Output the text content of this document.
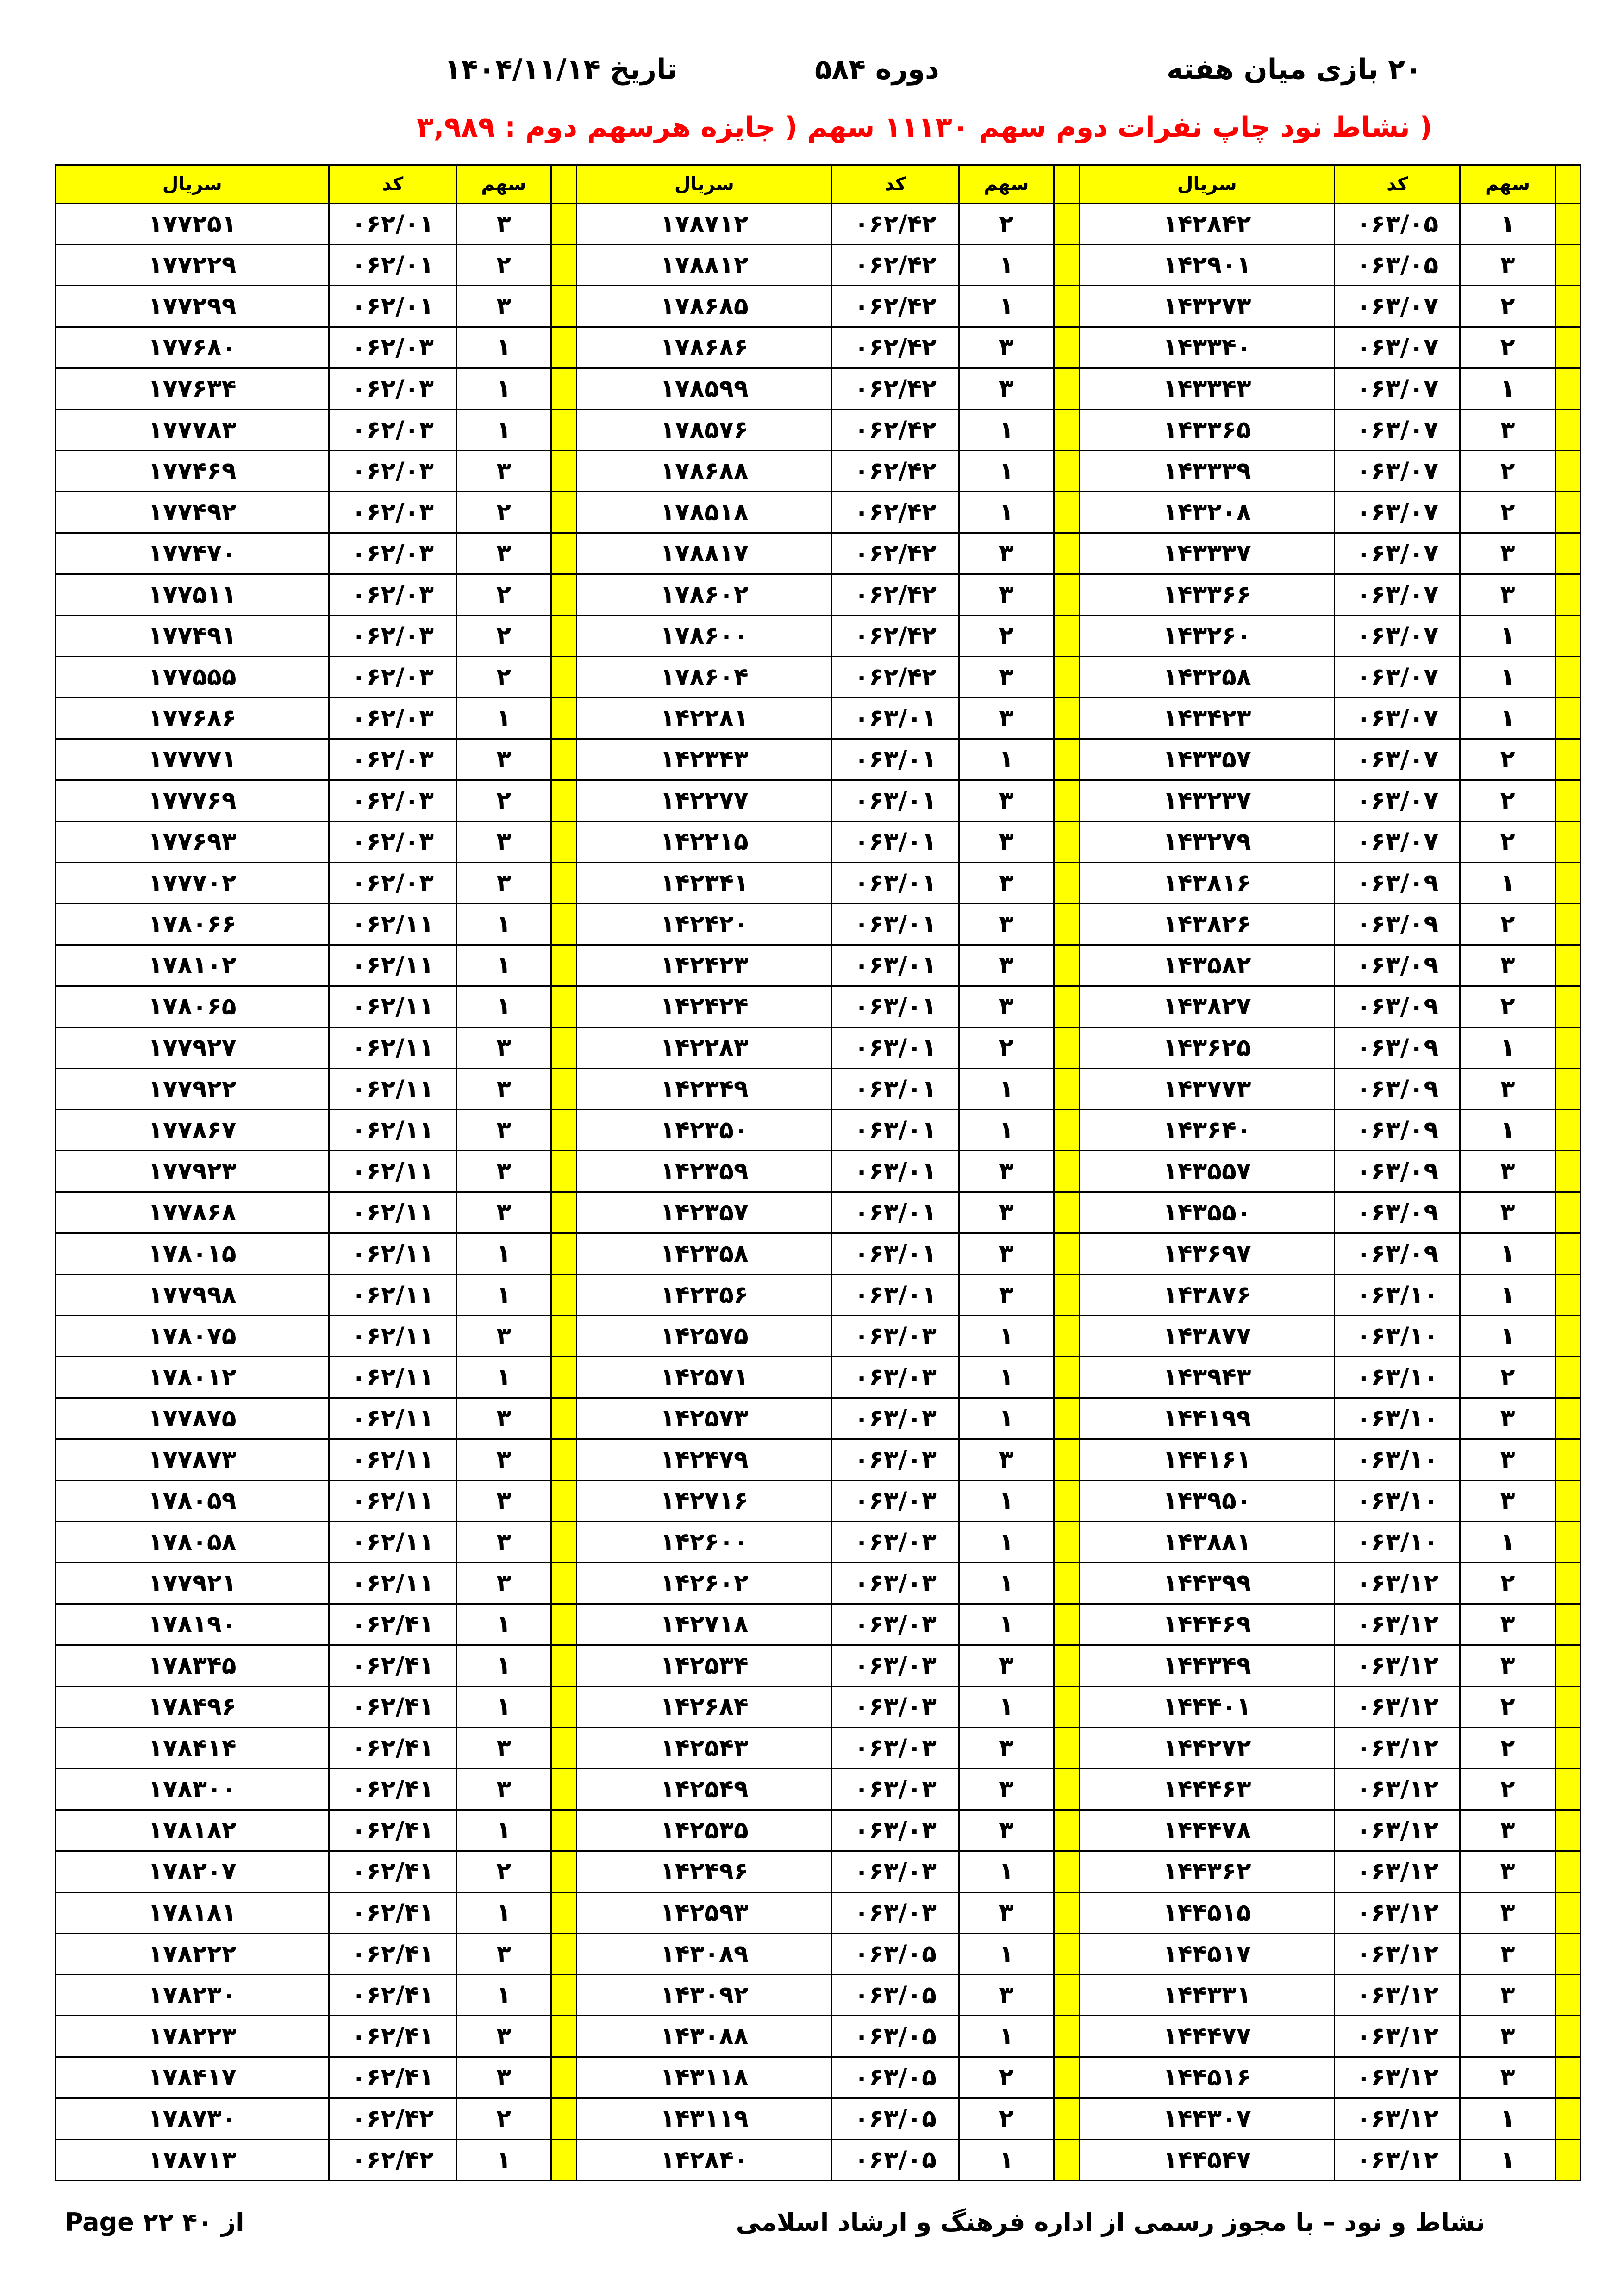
۲۰ بازی میان هفته
دوره ۵۸۴
تاریخ ۱۴۰۴/۱۱/۱۴
( نشاط نود چاپ نفرات دوم سهم ۱۱۱۳۰ سهم ( جایزه هرسهم دوم : ۳,۹۸۹
	سهم	کد	سریال		سهم	کد	سریال		سهم	کد	سریال
	۱	۰۶۳/۰۵	۱۴۲۸۴۲		۲	۰۶۲/۴۲	۱۷۸۷۱۲		۳	۰۶۲/۰۱	۱۷۷۲۵۱
	۳	۰۶۳/۰۵	۱۴۲۹۰۱		۱	۰۶۲/۴۲	۱۷۸۸۱۲		۲	۰۶۲/۰۱	۱۷۷۲۲۹
	۲	۰۶۳/۰۷	۱۴۳۲۷۳		۱	۰۶۲/۴۲	۱۷۸۶۸۵		۳	۰۶۲/۰۱	۱۷۷۲۹۹
	۲	۰۶۳/۰۷	۱۴۳۳۴۰		۳	۰۶۲/۴۲	۱۷۸۶۸۶		۱	۰۶۲/۰۳	۱۷۷۶۸۰
	۱	۰۶۳/۰۷	۱۴۳۳۴۳		۳	۰۶۲/۴۲	۱۷۸۵۹۹		۱	۰۶۲/۰۳	۱۷۷۶۳۴
	۳	۰۶۳/۰۷	۱۴۳۳۶۵		۱	۰۶۲/۴۲	۱۷۸۵۷۶		۱	۰۶۲/۰۳	۱۷۷۷۸۳
	۲	۰۶۳/۰۷	۱۴۳۳۳۹		۱	۰۶۲/۴۲	۱۷۸۶۸۸		۳	۰۶۲/۰۳	۱۷۷۴۶۹
	۲	۰۶۳/۰۷	۱۴۳۲۰۸		۱	۰۶۲/۴۲	۱۷۸۵۱۸		۲	۰۶۲/۰۳	۱۷۷۴۹۲
	۳	۰۶۳/۰۷	۱۴۳۳۳۷		۳	۰۶۲/۴۲	۱۷۸۸۱۷		۳	۰۶۲/۰۳	۱۷۷۴۷۰
	۳	۰۶۳/۰۷	۱۴۳۳۶۶		۳	۰۶۲/۴۲	۱۷۸۶۰۲		۲	۰۶۲/۰۳	۱۷۷۵۱۱
	۱	۰۶۳/۰۷	۱۴۳۲۶۰		۲	۰۶۲/۴۲	۱۷۸۶۰۰		۲	۰۶۲/۰۳	۱۷۷۴۹۱
	۱	۰۶۳/۰۷	۱۴۳۲۵۸		۳	۰۶۲/۴۲	۱۷۸۶۰۴		۲	۰۶۲/۰۳	۱۷۷۵۵۵
	۱	۰۶۳/۰۷	۱۴۳۴۲۳		۳	۰۶۳/۰۱	۱۴۲۲۸۱		۱	۰۶۲/۰۳	۱۷۷۶۸۶
	۲	۰۶۳/۰۷	۱۴۳۳۵۷		۱	۰۶۳/۰۱	۱۴۲۳۴۳		۳	۰۶۲/۰۳	۱۷۷۷۷۱
	۲	۰۶۳/۰۷	۱۴۳۲۳۷		۳	۰۶۳/۰۱	۱۴۲۲۷۷		۲	۰۶۲/۰۳	۱۷۷۷۶۹
	۲	۰۶۳/۰۷	۱۴۳۲۷۹		۳	۰۶۳/۰۱	۱۴۲۲۱۵		۳	۰۶۲/۰۳	۱۷۷۶۹۳
	۱	۰۶۳/۰۹	۱۴۳۸۱۶		۳	۰۶۳/۰۱	۱۴۲۳۴۱		۳	۰۶۲/۰۳	۱۷۷۷۰۲
	۲	۰۶۳/۰۹	۱۴۳۸۲۶		۳	۰۶۳/۰۱	۱۴۲۴۲۰		۱	۰۶۲/۱۱	۱۷۸۰۶۶
	۳	۰۶۳/۰۹	۱۴۳۵۸۲		۳	۰۶۳/۰۱	۱۴۲۴۲۳		۱	۰۶۲/۱۱	۱۷۸۱۰۲
	۲	۰۶۳/۰۹	۱۴۳۸۲۷		۳	۰۶۳/۰۱	۱۴۲۴۲۴		۱	۰۶۲/۱۱	۱۷۸۰۶۵
	۱	۰۶۳/۰۹	۱۴۳۶۲۵		۲	۰۶۳/۰۱	۱۴۲۲۸۳		۳	۰۶۲/۱۱	۱۷۷۹۲۷
	۳	۰۶۳/۰۹	۱۴۳۷۷۳		۱	۰۶۳/۰۱	۱۴۲۳۴۹		۳	۰۶۲/۱۱	۱۷۷۹۲۲
	۱	۰۶۳/۰۹	۱۴۳۶۴۰		۱	۰۶۳/۰۱	۱۴۲۳۵۰		۳	۰۶۲/۱۱	۱۷۷۸۶۷
	۳	۰۶۳/۰۹	۱۴۳۵۵۷		۳	۰۶۳/۰۱	۱۴۲۳۵۹		۳	۰۶۲/۱۱	۱۷۷۹۲۳
	۳	۰۶۳/۰۹	۱۴۳۵۵۰		۳	۰۶۳/۰۱	۱۴۲۳۵۷		۳	۰۶۲/۱۱	۱۷۷۸۶۸
	۱	۰۶۳/۰۹	۱۴۳۶۹۷		۳	۰۶۳/۰۱	۱۴۲۳۵۸		۱	۰۶۲/۱۱	۱۷۸۰۱۵
	۱	۰۶۳/۱۰	۱۴۳۸۷۶		۳	۰۶۳/۰۱	۱۴۲۳۵۶		۱	۰۶۲/۱۱	۱۷۷۹۹۸
	۱	۰۶۳/۱۰	۱۴۳۸۷۷		۱	۰۶۳/۰۳	۱۴۲۵۷۵		۳	۰۶۲/۱۱	۱۷۸۰۷۵
	۲	۰۶۳/۱۰	۱۴۳۹۴۳		۱	۰۶۳/۰۳	۱۴۲۵۷۱		۱	۰۶۲/۱۱	۱۷۸۰۱۲
	۳	۰۶۳/۱۰	۱۴۴۱۹۹		۱	۰۶۳/۰۳	۱۴۲۵۷۳		۳	۰۶۲/۱۱	۱۷۷۸۷۵
	۳	۰۶۳/۱۰	۱۴۴۱۶۱		۳	۰۶۳/۰۳	۱۴۲۴۷۹		۳	۰۶۲/۱۱	۱۷۷۸۷۳
	۳	۰۶۳/۱۰	۱۴۳۹۵۰		۱	۰۶۳/۰۳	۱۴۲۷۱۶		۳	۰۶۲/۱۱	۱۷۸۰۵۹
	۱	۰۶۳/۱۰	۱۴۳۸۸۱		۱	۰۶۳/۰۳	۱۴۲۶۰۰		۳	۰۶۲/۱۱	۱۷۸۰۵۸
	۲	۰۶۳/۱۲	۱۴۴۳۹۹		۱	۰۶۳/۰۳	۱۴۲۶۰۲		۳	۰۶۲/۱۱	۱۷۷۹۲۱
	۳	۰۶۳/۱۲	۱۴۴۴۶۹		۱	۰۶۳/۰۳	۱۴۲۷۱۸		۱	۰۶۲/۴۱	۱۷۸۱۹۰
	۳	۰۶۳/۱۲	۱۴۴۳۴۹		۳	۰۶۳/۰۳	۱۴۲۵۳۴		۱	۰۶۲/۴۱	۱۷۸۳۴۵
	۲	۰۶۳/۱۲	۱۴۴۴۰۱		۱	۰۶۳/۰۳	۱۴۲۶۸۴		۱	۰۶۲/۴۱	۱۷۸۴۹۶
	۲	۰۶۳/۱۲	۱۴۴۲۷۲		۳	۰۶۳/۰۳	۱۴۲۵۴۳		۳	۰۶۲/۴۱	۱۷۸۴۱۴
	۲	۰۶۳/۱۲	۱۴۴۴۶۳		۳	۰۶۳/۰۳	۱۴۲۵۴۹		۳	۰۶۲/۴۱	۱۷۸۳۰۰
	۳	۰۶۳/۱۲	۱۴۴۴۷۸		۳	۰۶۳/۰۳	۱۴۲۵۳۵		۱	۰۶۲/۴۱	۱۷۸۱۸۲
	۳	۰۶۳/۱۲	۱۴۴۳۶۲		۱	۰۶۳/۰۳	۱۴۲۴۹۶		۲	۰۶۲/۴۱	۱۷۸۲۰۷
	۳	۰۶۳/۱۲	۱۴۴۵۱۵		۳	۰۶۳/۰۳	۱۴۲۵۹۳		۱	۰۶۲/۴۱	۱۷۸۱۸۱
	۳	۰۶۳/۱۲	۱۴۴۵۱۷		۱	۰۶۳/۰۵	۱۴۳۰۸۹		۳	۰۶۲/۴۱	۱۷۸۲۲۲
	۳	۰۶۳/۱۲	۱۴۴۳۳۱		۳	۰۶۳/۰۵	۱۴۳۰۹۲		۱	۰۶۲/۴۱	۱۷۸۲۳۰
	۳	۰۶۳/۱۲	۱۴۴۴۷۷		۱	۰۶۳/۰۵	۱۴۳۰۸۸		۳	۰۶۲/۴۱	۱۷۸۲۲۳
	۳	۰۶۳/۱۲	۱۴۴۵۱۶		۲	۰۶۳/۰۵	۱۴۳۱۱۸		۳	۰۶۲/۴۱	۱۷۸۴۱۷
	۱	۰۶۳/۱۲	۱۴۴۳۰۷		۲	۰۶۳/۰۵	۱۴۳۱۱۹		۲	۰۶۲/۴۲	۱۷۸۷۳۰
	۱	۰۶۳/۱۲	۱۴۴۵۴۷		۱	۰۶۳/۰۵	۱۴۲۸۴۰		۱	۰۶۲/۴۲	۱۷۸۷۱۳
Page ۲۲ از ۴۰	نشاط و نود – با مجوز رسمی از اداره فرهنگ و ارشاد اسلامی
